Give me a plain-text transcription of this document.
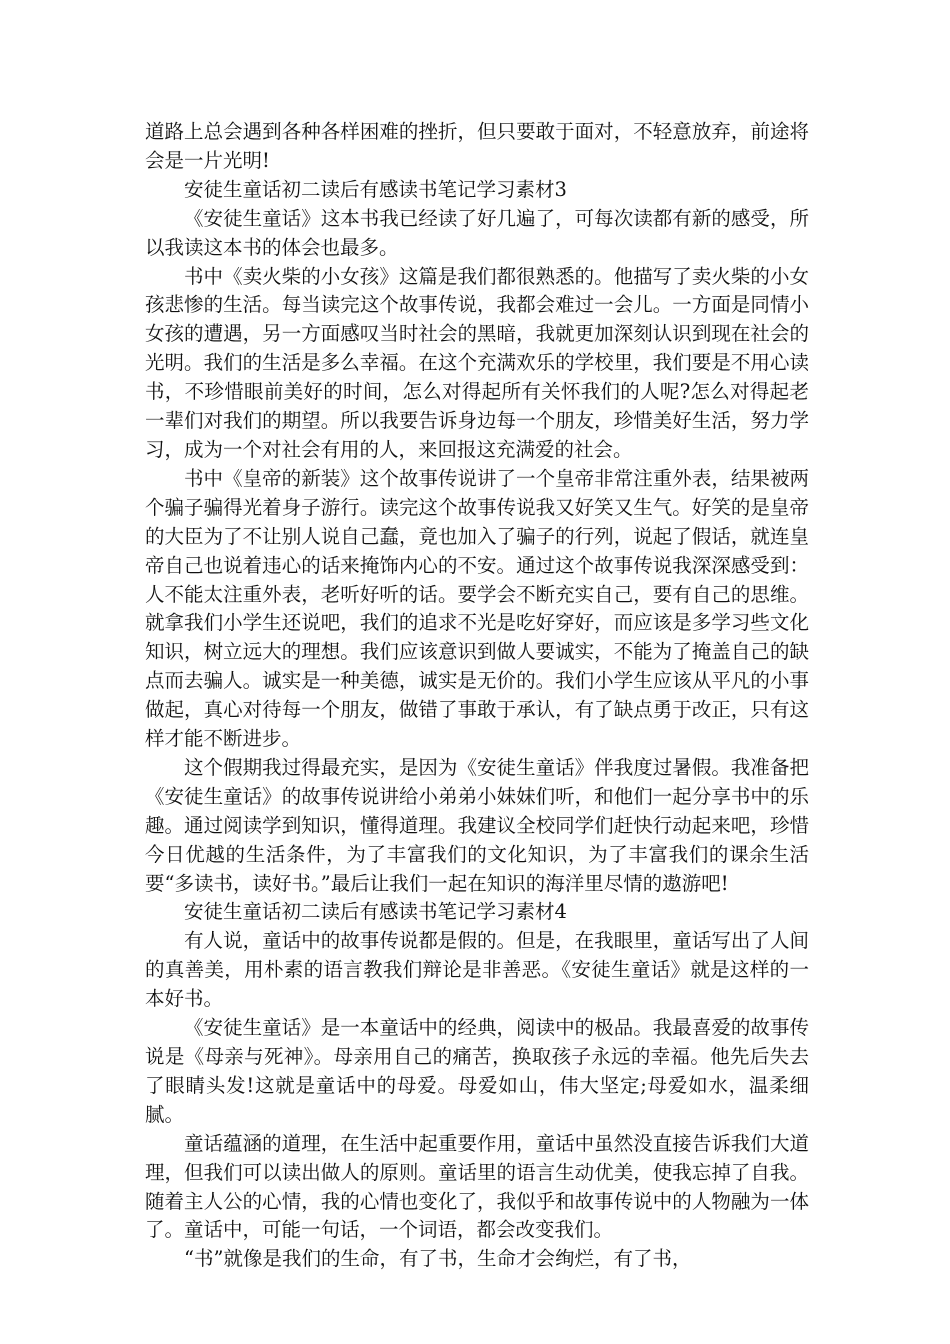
道路上总会遇到各种各样困难的挫折，但只要敢于面对，不轻意放弃，前途将会是一片光明!

安徒生童话初二读后有感读书笔记学习素材3

《安徒生童话》这本书我已经读了好几遍了，可每次读都有新的感受，所以我读这本书的体会也最多。

书中《卖火柴的小女孩》这篇是我们都很熟悉的。他描写了卖火柴的小女孩悲惨的生活。每当读完这个故事传说，我都会难过一会儿。一方面是同情小女孩的遭遇，另一方面感叹当时社会的黑暗，我就更加深刻认识到现在社会的光明。我们的生活是多么幸福。在这个充满欢乐的学校里，我们要是不用心读书，不珍惜眼前美好的时间，怎么对得起所有关怀我们的人呢?怎么对得起老一辈们对我们的期望。所以我要告诉身边每一个朋友，珍惜美好生活，努力学习，成为一个对社会有用的人，来回报这充满爱的社会。

书中《皇帝的新装》这个故事传说讲了一个皇帝非常注重外表，结果被两个骗子骗得光着身子游行。读完这个故事传说我又好笑又生气。好笑的是皇帝的大臣为了不让别人说自己蠢，竟也加入了骗子的行列，说起了假话，就连皇帝自己也说着违心的话来掩饰内心的不安。通过这个故事传说我深深感受到：人不能太注重外表，老听好听的话。要学会不断充实自己，要有自己的思维。就拿我们小学生还说吧，我们的追求不光是吃好穿好，而应该是多学习些文化知识，树立远大的理想。我们应该意识到做人要诚实，不能为了掩盖自己的缺点而去骗人。诚实是一种美德，诚实是无价的。我们小学生应该从平凡的小事做起，真心对待每一个朋友，做错了事敢于承认，有了缺点勇于改正，只有这样才能不断进步。

这个假期我过得最充实，是因为《安徒生童话》伴我度过暑假。我准备把《安徒生童话》的故事传说讲给小弟弟小妹妹们听，和他们一起分享书中的乐趣。通过阅读学到知识，懂得道理。我建议全校同学们赶快行动起来吧，珍惜今日优越的生活条件，为了丰富我们的文化知识，为了丰富我们的课余生活要“多读书，读好书。”最后让我们一起在知识的海洋里尽情的遨游吧!

安徒生童话初二读后有感读书笔记学习素材4

有人说，童话中的故事传说都是假的。但是，在我眼里，童话写出了人间的真善美，用朴素的语言教我们辩论是非善恶。《安徒生童话》就是这样的一本好书。

《安徒生童话》是一本童话中的经典，阅读中的极品。我最喜爱的故事传说是《母亲与死神》。母亲用自己的痛苦，换取孩子永远的幸福。他先后失去了眼睛头发!这就是童话中的母爱。母爱如山，伟大坚定;母爱如水，温柔细腻。

童话蕴涵的道理，在生活中起重要作用，童话中虽然没直接告诉我们大道理，但我们可以读出做人的原则。童话里的语言生动优美，使我忘掉了自我。随着主人公的心情，我的心情也变化了，我似乎和故事传说中的人物融为一体了。童话中，可能一句话，一个词语，都会改变我们。

“书”就像是我们的生命，有了书，生命才会绚烂，有了书，
